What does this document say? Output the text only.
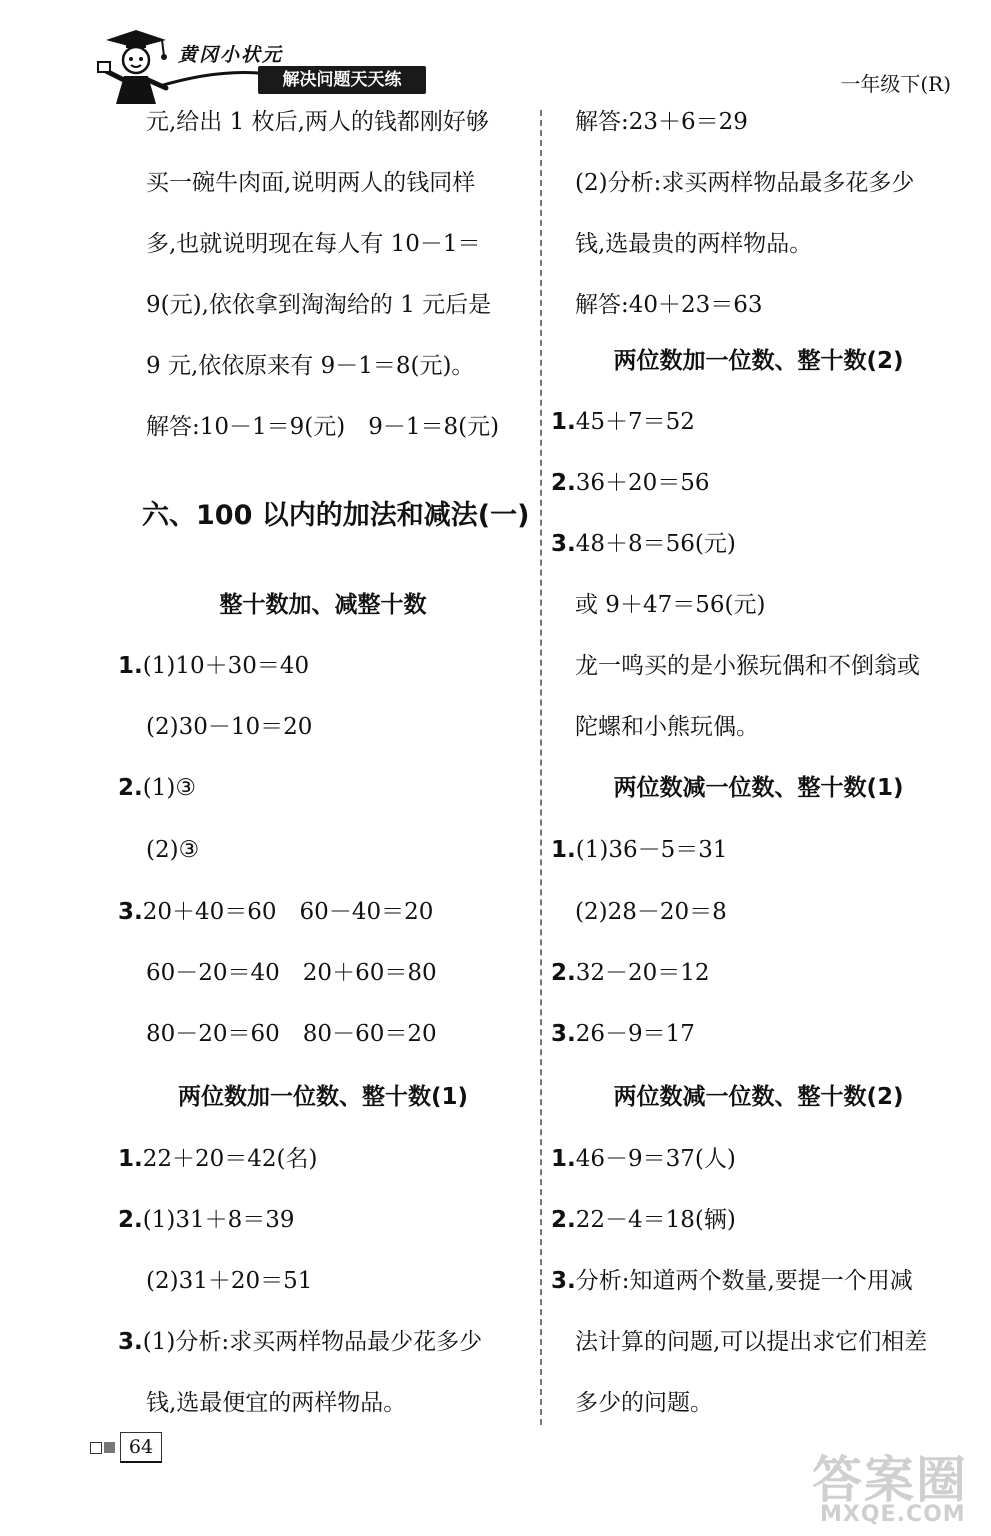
黄冈小状元
解决问题天天练	一年级下(R)
元,给出 1 枚后,两人的钱都刚好够
买一碗牛肉面,说明两人的钱同样
多,也就说明现在每人有 10－1＝
9(元),依依拿到淘淘给的 1 元后是
9 元,依依原来有 9－1＝8(元)。
解答:10－1＝9(元)　9－1＝8(元)
六、100 以内的加法和减法(一)
整十数加、减整十数
1.(1)10＋30＝40
(2)30－10＝20
2.(1)③
(2)③
3.20＋40＝60　60－40＝20
60－20＝40　20＋60＝80
80－20＝60　80－60＝20
两位数加一位数、整十数(1)
1.22＋20＝42(名)
2.(1)31＋8＝39
(2)31＋20＝51
3.(1)分析:求买两样物品最少花多少
钱,选最便宜的两样物品。
解答:23＋6＝29
(2)分析:求买两样物品最多花多少
钱,选最贵的两样物品。
解答:40＋23＝63
两位数加一位数、整十数(2)
1.45＋7＝52
2.36＋20＝56
3.48＋8＝56(元)
或 9＋47＝56(元)
龙一鸣买的是小猴玩偶和不倒翁或
陀螺和小熊玩偶。
两位数减一位数、整十数(1)
1.(1)36－5＝31
(2)28－20＝8
2.32－20＝12
3.26－9＝17
两位数减一位数、整十数(2)
1.46－9＝37(人)
2.22－4＝18(辆)
3.分析:知道两个数量,要提一个用减
法计算的问题,可以提出求它们相差
多少的问题。
64
答案圈
MXQE.COM
